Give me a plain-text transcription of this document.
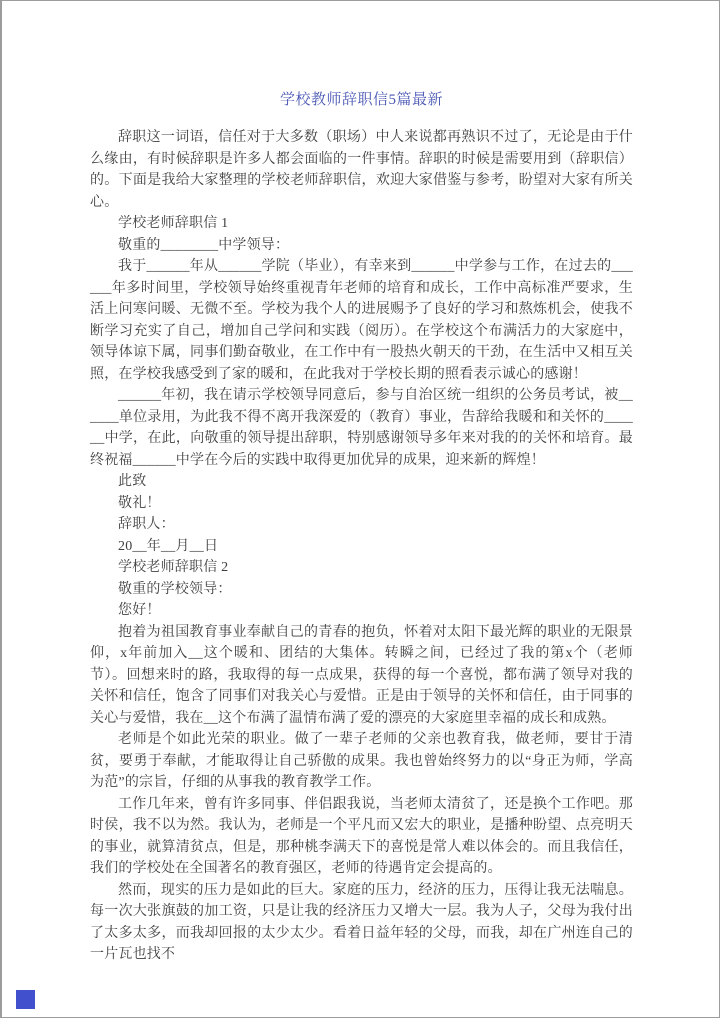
学校教师辞职信5篇最新

辞职这一词语，信任对于大多数（职场）中人来说都再熟识不过了，无论是由于什么缘由，有时候辞职是许多人都会面临的一件事情。辞职的时候是需要用到（辞职信）的。下面是我给大家整理的学校老师辞职信，欢迎大家借鉴与参考，盼望对大家有所关心。

学校老师辞职信 1

敬重的________中学领导：

我于______年从______学院（毕业），有幸来到______中学参与工作，在过去的______年多时间里，学校领导始终重视青年老师的培育和成长，工作中高标准严要求，生活上问寒问暖、无微不至。学校为我个人的进展赐予了良好的学习和熬炼机会，使我不断学习充实了自己，增加自己学问和实践（阅历）。在学校这个布满活力的大家庭中，领导体谅下属，同事们勤奋敬业，在工作中有一股热火朝天的干劲，在生活中又相互关照，在学校我感受到了家的暖和，在此我对于学校长期的照看表示诚心的感谢！

______年初，我在请示学校领导同意后，参与自治区统一组织的公务员考试，被______单位录用，为此我不得不离开我深爱的（教育）事业，告辞给我暖和和关怀的______中学，在此，向敬重的领导提出辞职，特别感谢领导多年来对我的的关怀和培育。最终祝福______中学在今后的实践中取得更加优异的成果，迎来新的辉煌！

此致

敬礼！

辞职人：

20__年__月__日

学校老师辞职信 2

敬重的学校领导：

您好！

抱着为祖国教育事业奉献自己的青春的抱负，怀着对太阳下最光辉的职业的无限景仰，x年前加入__这个暖和、团结的大集体。转瞬之间，已经过了我的第x个（老师节）。回想来时的路，我取得的每一点成果，获得的每一个喜悦，都布满了领导对我的关怀和信任，饱含了同事们对我关心与爱惜。正是由于领导的关怀和信任，由于同事的关心与爱惜，我在__这个布满了温情布满了爱的漂亮的大家庭里幸福的成长和成熟。

老师是个如此光荣的职业。做了一辈子老师的父亲也教育我，做老师，要甘于清贫，要勇于奉献，才能取得让自己骄傲的成果。我也曾始终努力的以“身正为师，学高为范”的宗旨，仔细的从事我的教育教学工作。

工作几年来，曾有许多同事、伴侣跟我说，当老师太清贫了，还是换个工作吧。那时侯，我不以为然。我认为，老师是一个平凡而又宏大的职业，是播种盼望、点亮明天的事业，就算清贫点，但是，那种桃李满天下的喜悦是常人难以体会的。而且我信任，我们的学校处在全国著名的教育强区，老师的待遇肯定会提高的。

然而，现实的压力是如此的巨大。家庭的压力，经济的压力，压得让我无法喘息。每一次大张旗鼓的加工资，只是让我的经济压力又增大一层。我为人子，父母为我付出了太多太多，而我却回报的太少太少。看着日益年轻的父母，而我，却在广州连自己的一片瓦也找不
